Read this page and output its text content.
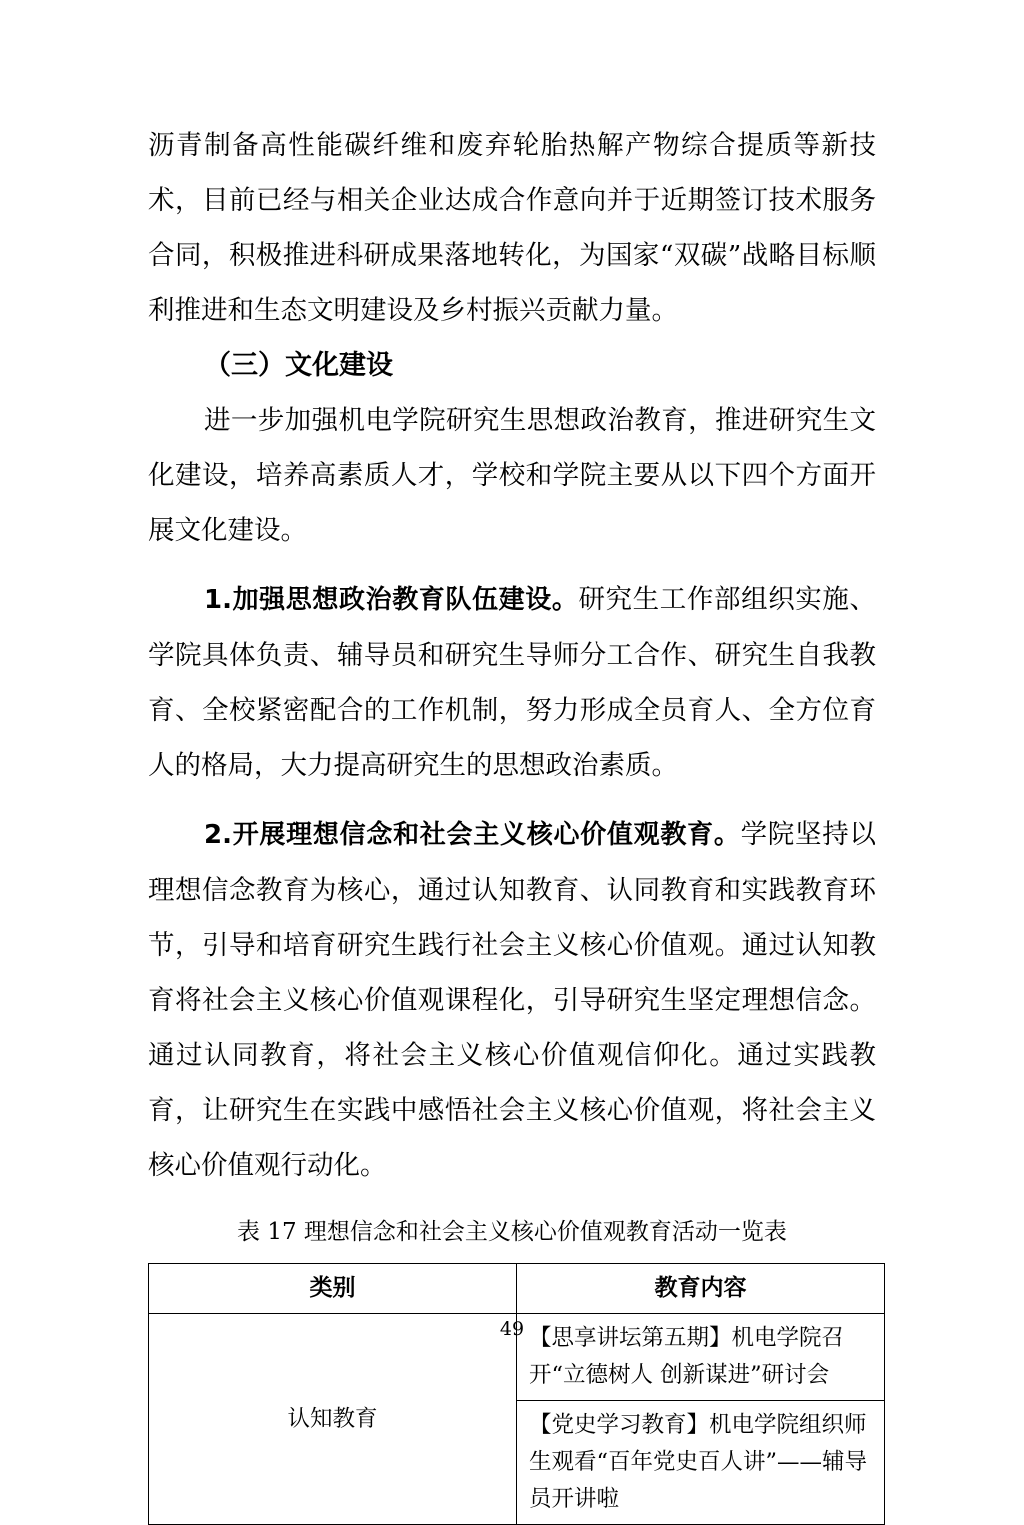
沥青制备高性能碳纤维和废弃轮胎热解产物综合提质等新技术，目前已经与相关企业达成合作意向并于近期签订技术服务合同，积极推进科研成果落地转化，为国家“双碳”战略目标顺利推进和生态文明建设及乡村振兴贡献力量。

（三）文化建设

进一步加强机电学院研究生思想政治教育，推进研究生文化建设，培养高素质人才，学校和学院主要从以下四个方面开展文化建设。

1.加强思想政治教育队伍建设。研究生工作部组织实施、学院具体负责、辅导员和研究生导师分工合作、研究生自我教育、全校紧密配合的工作机制，努力形成全员育人、全方位育人的格局，大力提高研究生的思想政治素质。

2.开展理想信念和社会主义核心价值观教育。学院坚持以理想信念教育为核心，通过认知教育、认同教育和实践教育环节，引导和培育研究生践行社会主义核心价值观。通过认知教育将社会主义核心价值观课程化，引导研究生坚定理想信念。通过认同教育，将社会主义核心价值观信仰化。通过实践教育，让研究生在实践中感悟社会主义核心价值观，将社会主义核心价值观行动化。

表 17 理想信念和社会主义核心价值观教育活动一览表

类别	教育内容
认知教育	【思享讲坛第五期】机电学院召开“立德树人 创新谋进”研讨会
	【党史学习教育】机电学院组织师生观看“百年党史百人讲”——辅导员开讲啦
49
